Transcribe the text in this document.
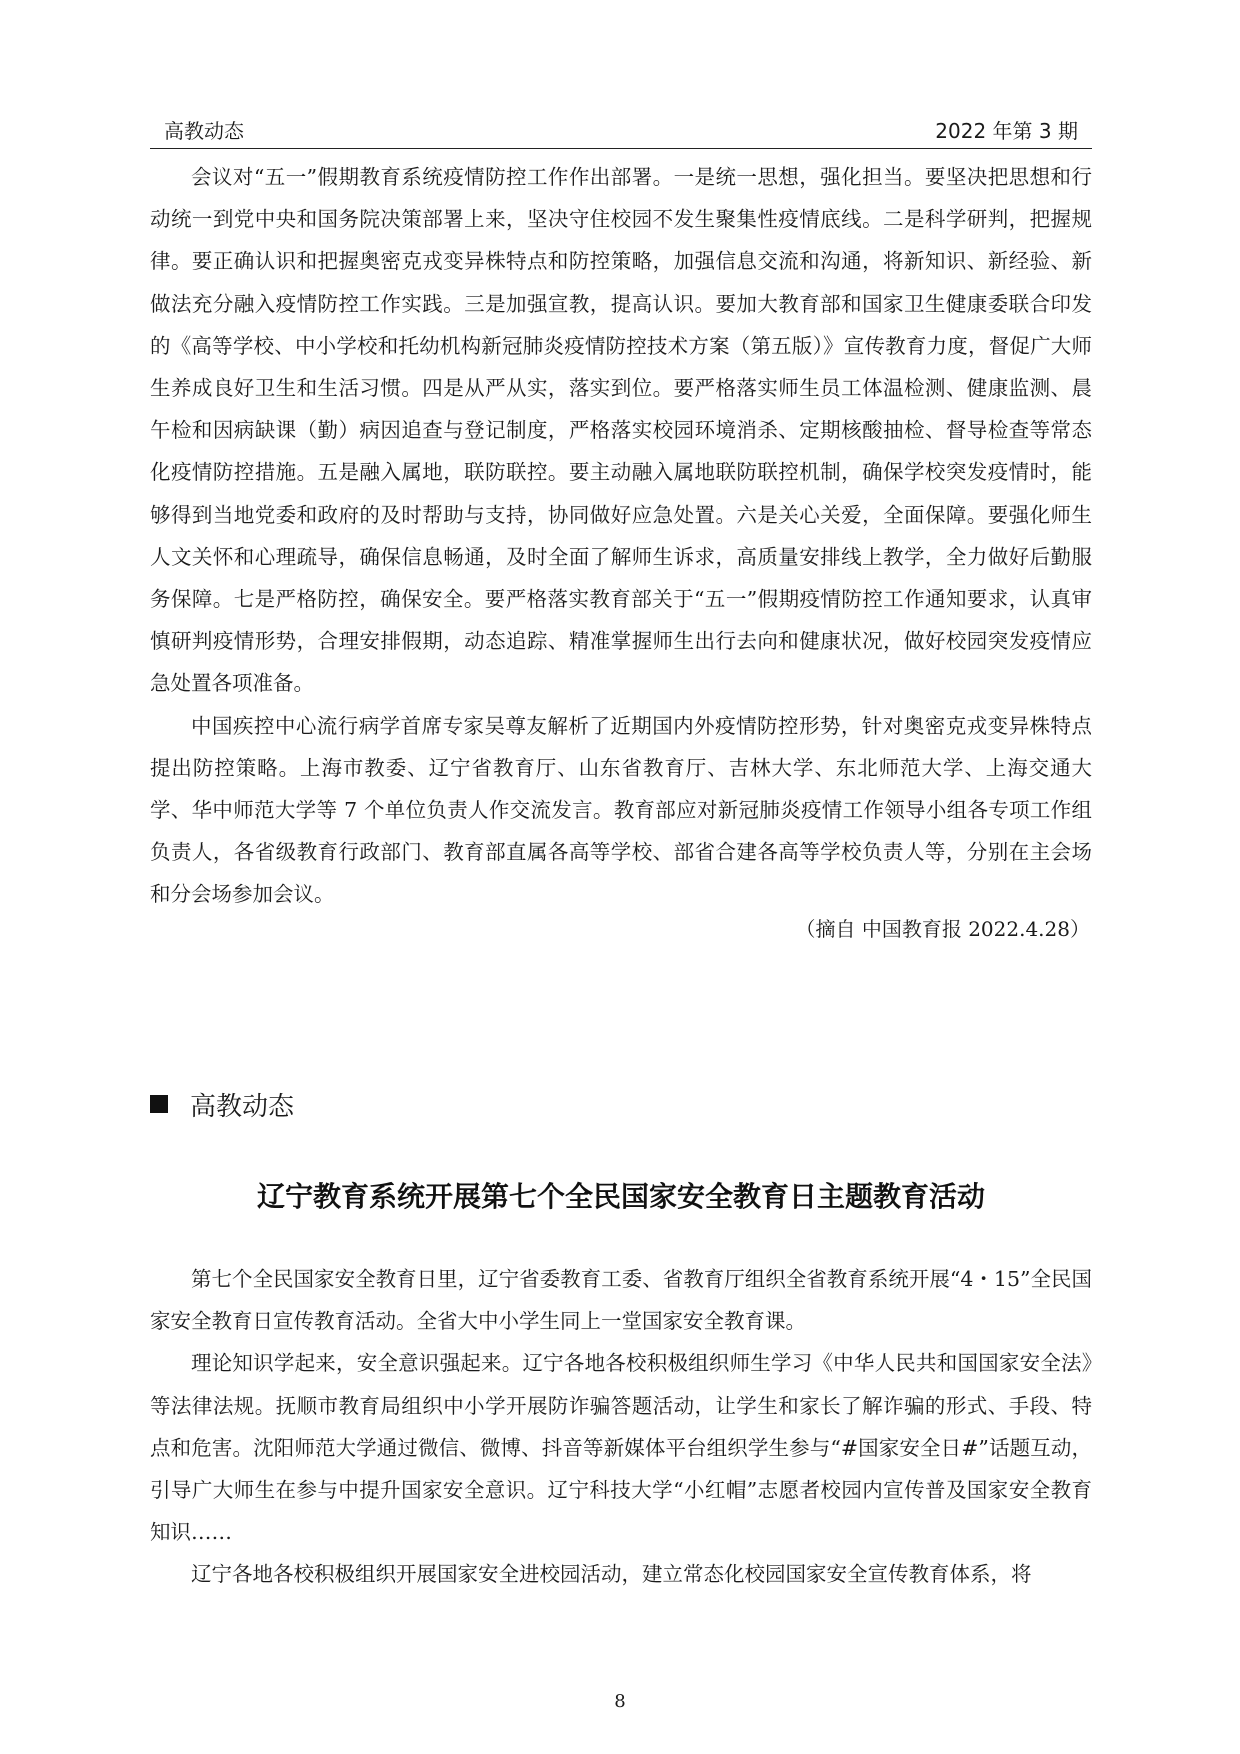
高教动态	2022 年第 3 期

会议对“五一”假期教育系统疫情防控工作作出部署。一是统一思想，强化担当。要坚决把思想和行动统一到党中央和国务院决策部署上来，坚决守住校园不发生聚集性疫情底线。二是科学研判，把握规律。要正确认识和把握奥密克戎变异株特点和防控策略，加强信息交流和沟通，将新知识、新经验、新做法充分融入疫情防控工作实践。三是加强宣教，提高认识。要加大教育部和国家卫生健康委联合印发的《高等学校、中小学校和托幼机构新冠肺炎疫情防控技术方案（第五版）》宣传教育力度，督促广大师生养成良好卫生和生活习惯。四是从严从实，落实到位。要严格落实师生员工体温检测、健康监测、晨午检和因病缺课（勤）病因追查与登记制度，严格落实校园环境消杀、定期核酸抽检、督导检查等常态化疫情防控措施。五是融入属地，联防联控。要主动融入属地联防联控机制，确保学校突发疫情时，能够得到当地党委和政府的及时帮助与支持，协同做好应急处置。六是关心关爱，全面保障。要强化师生人文关怀和心理疏导，确保信息畅通，及时全面了解师生诉求，高质量安排线上教学，全力做好后勤服务保障。七是严格防控，确保安全。要严格落实教育部关于“五一”假期疫情防控工作通知要求，认真审慎研判疫情形势，合理安排假期，动态追踪、精准掌握师生出行去向和健康状况，做好校园突发疫情应急处置各项准备。

中国疾控中心流行病学首席专家吴尊友解析了近期国内外疫情防控形势，针对奥密克戎变异株特点提出防控策略。上海市教委、辽宁省教育厅、山东省教育厅、吉林大学、东北师范大学、上海交通大学、华中师范大学等 7 个单位负责人作交流发言。教育部应对新冠肺炎疫情工作领导小组各专项工作组负责人，各省级教育行政部门、教育部直属各高等学校、部省合建各高等学校负责人等，分别在主会场和分会场参加会议。

（摘自 中国教育报 2022.4.28）
高教动态
辽宁教育系统开展第七个全民国家安全教育日主题教育活动

第七个全民国家安全教育日里，辽宁省委教育工委、省教育厅组织全省教育系统开展“4・15”全民国家安全教育日宣传教育活动。全省大中小学生同上一堂国家安全教育课。

理论知识学起来，安全意识强起来。辽宁各地各校积极组织师生学习《中华人民共和国国家安全法》等法律法规。抚顺市教育局组织中小学开展防诈骗答题活动，让学生和家长了解诈骗的形式、手段、特点和危害。沈阳师范大学通过微信、微博、抖音等新媒体平台组织学生参与“#国家安全日#”话题互动，引导广大师生在参与中提升国家安全意识。辽宁科技大学“小红帽”志愿者校园内宣传普及国家安全教育知识……

辽宁各地各校积极组织开展国家安全进校园活动，建立常态化校园国家安全宣传教育体系，将

8
